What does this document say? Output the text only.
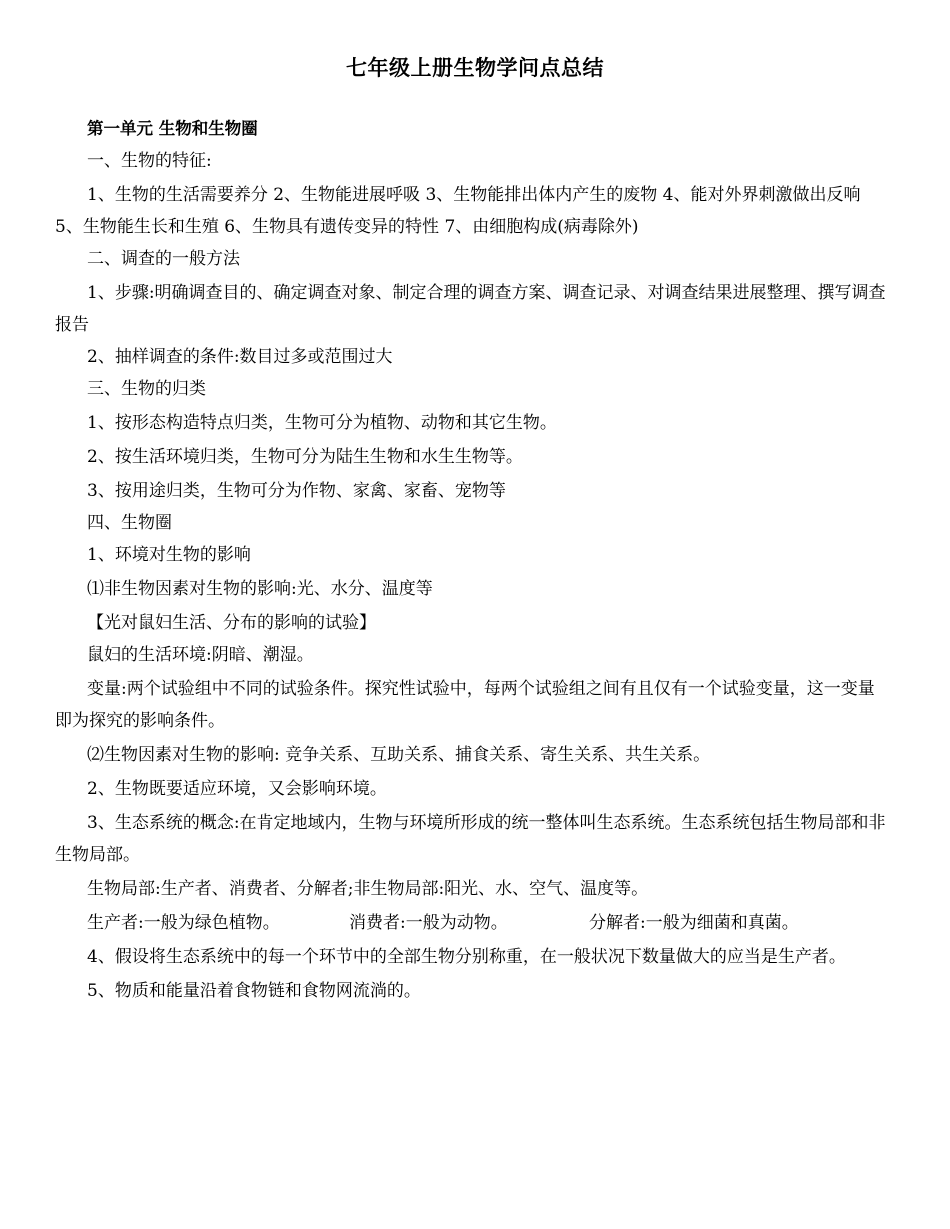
七年级上册生物学问点总结

第一单元 生物和生物圈

一、生物的特征:

1、生物的生活需要养分 2、生物能进展呼吸 3、生物能排出体内产生的废物 4、能对外界刺激做出反响 5、生物能生长和生殖 6、生物具有遗传变异的特性 7、由细胞构成(病毒除外)

二、调查的一般方法

1、步骤:明确调查目的、确定调查对象、制定合理的调查方案、调查记录、对调查结果进展整理、撰写调查报告

2、抽样调查的条件:数目过多或范围过大

三、生物的归类

1、按形态构造特点归类，生物可分为植物、动物和其它生物。

2、按生活环境归类，生物可分为陆生生物和水生生物等。

3、按用途归类，生物可分为作物、家禽、家畜、宠物等

四、生物圈

1、环境对生物的影响

⑴非生物因素对生物的影响:光、水分、温度等

【光对鼠妇生活、分布的影响的试验】

鼠妇的生活环境:阴暗、潮湿。

变量:两个试验组中不同的试验条件。探究性试验中，每两个试验组之间有且仅有一个试验变量，这一变量即为探究的影响条件。

⑵生物因素对生物的影响: 竞争关系、互助关系、捕食关系、寄生关系、共生关系。

2、生物既要适应环境，又会影响环境。

3、生态系统的概念:在肯定地域内，生物与环境所形成的统一整体叫生态系统。生态系统包括生物局部和非生物局部。

生物局部:生产者、消费者、分解者;非生物局部:阳光、水、空气、温度等。

生产者:一般为绿色植物。	消费者:一般为动物。	分解者:一般为细菌和真菌。

4、假设将生态系统中的每一个环节中的全部生物分别称重，在一般状况下数量做大的应当是生产者。

5、物质和能量沿着食物链和食物网流淌的。
